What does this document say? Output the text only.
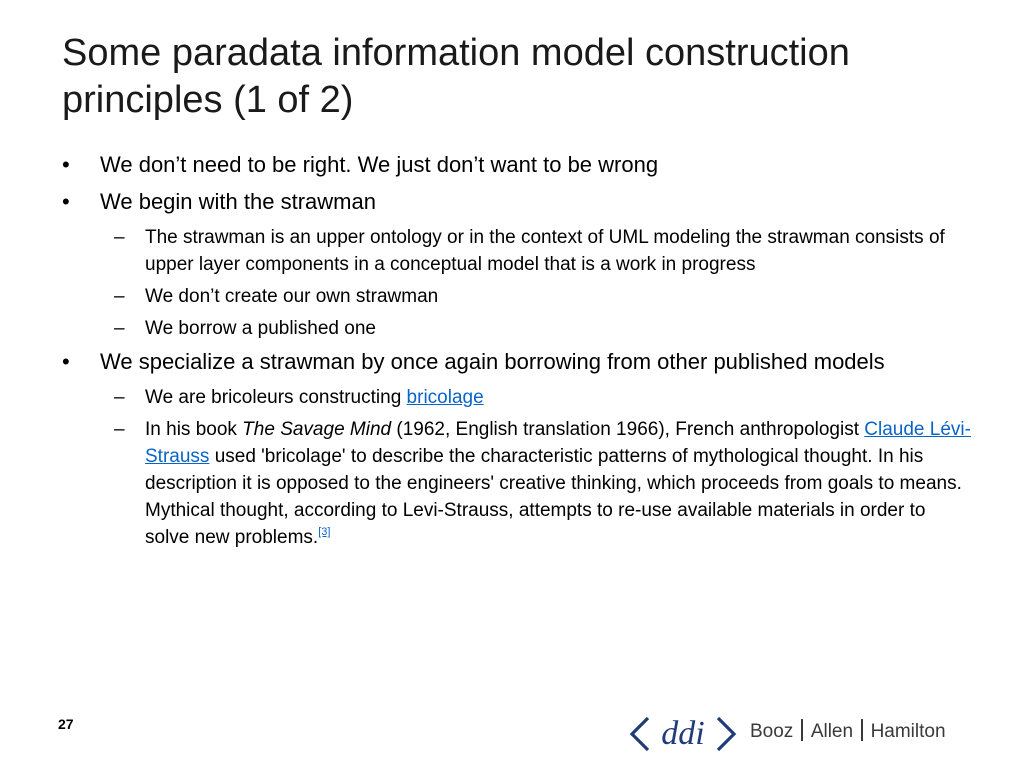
Some paradata information model construction principles (1 of 2)
• We don’t need to be right. We just don’t want to be wrong
• We begin with the strawman
– The strawman is an upper ontology or in the context of UML modeling the strawman consists of upper layer components in a conceptual model that is a work in progress
– We don’t create our own strawman
– We borrow a published one
• We specialize a strawman by once again borrowing from other published models
– We are bricoleurs constructing bricolage
– In his book The Savage Mind (1962, English translation 1966), French anthropologist Claude Lévi-Strauss used 'bricolage' to describe the characteristic patterns of mythological thought. In his description it is opposed to the engineers' creative thinking, which proceeds from goals to means. Mythical thought, according to Levi-Strauss, attempts to re-use available materials in order to solve new problems.[3]
27	ddi Booz Allen Hamilton
